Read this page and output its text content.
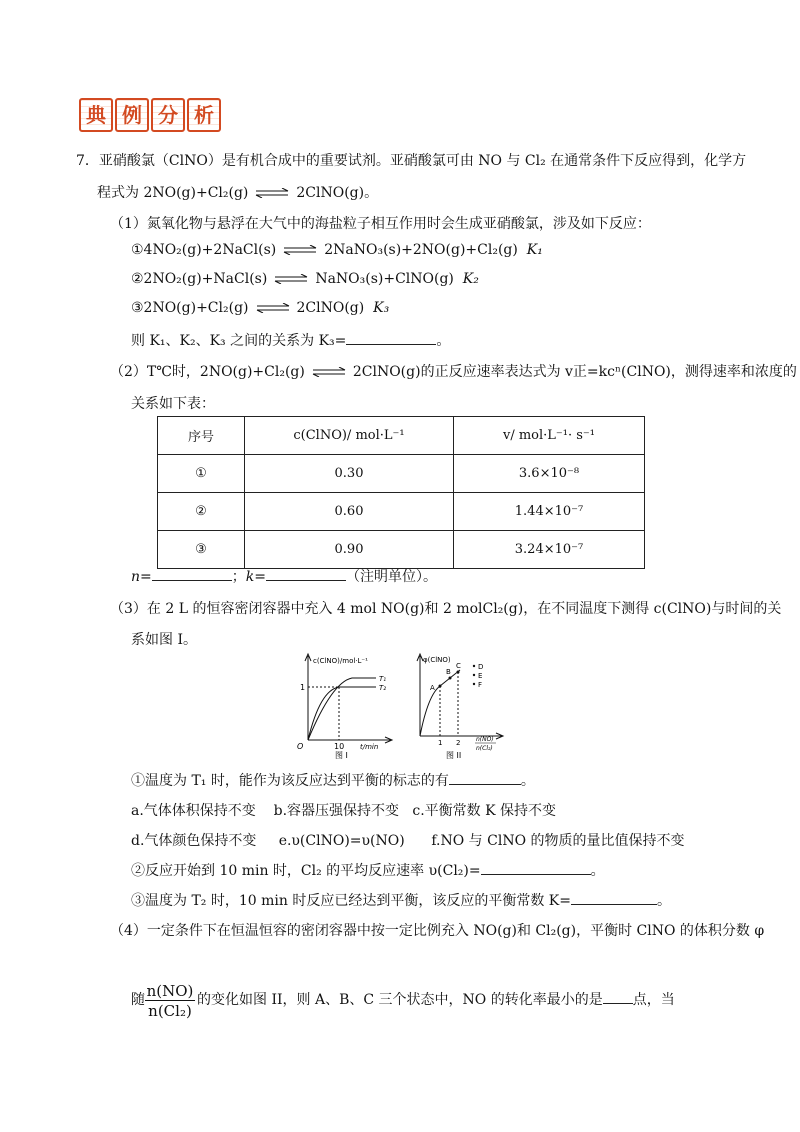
典 例 分 析
7．亚硝酸氯（ClNO）是有机合成中的重要试剂。亚硝酸氯可由 NO 与 Cl₂ 在通常条件下反应得到，化学方
程式为 2NO(g)+Cl₂(g)	2ClNO(g)。
（1）氮氧化物与悬浮在大气中的海盐粒子相互作用时会生成亚硝酸氯，涉及如下反应：
①4NO₂(g)+2NaCl(s)	2NaNO₃(s)+2NO(g)+Cl₂(g) K₁
②2NO₂(g)+NaCl(s)	NaNO₃(s)+ClNO(g) K₂
③2NO(g)+Cl₂(g)	2ClNO(g) K₃
则 K₁、K₂、K₃ 之间的关系为 K₃=	。
（2）T℃时，2NO(g)+Cl₂(g)	2ClNO(g)的正反应速率表达式为 v正=kcⁿ(ClNO)，测得速率和浓度的
关系如下表：
序号	c(ClNO)/ mol·L⁻¹	v/ mol·L⁻¹· s⁻¹
①	0.30	3.6×10⁻⁸
②	0.60	1.44×10⁻⁷
③	0.90	3.24×10⁻⁷
n=	；k=	（注明单位）。
（3）在 2 L 的恒容密闭容器中充入 4 mol NO(g)和 2 molCl₂(g)，在不同温度下测得 c(ClNO)与时间的关
系如图 I。
c(ClNO)/mol·L⁻¹
O
1
10 t/min
T₁
T₂
图 I
φ(ClNO)
A
B
C D
E
F
1 2	n(NO)
n(Cl₂)
图 II
①温度为 T₁ 时，能作为该反应达到平衡的标志的有	。
a.气体体积保持不变 b.容器压强保持不变 c.平衡常数 K 保持不变
d.气体颜色保持不变 e.υ(ClNO)=υ(NO) f.NO 与 ClNO 的物质的量比值保持不变
②反应开始到 10 min 时，Cl₂ 的平均反应速率 υ(Cl₂)=	。
③温度为 T₂ 时，10 min 时反应已经达到平衡，该反应的平衡常数 K=	。
（4）一定条件下在恒温恒容的密闭容器中按一定比例充入 NO(g)和 Cl₂(g)，平衡时 ClNO 的体积分数 φ
随 $\frac{n(NO)}{\text{n(Cl₂)}}$ 的变化如图 II，则 A、B、C 三个状态中，NO 的转化率最小的是 点，当
